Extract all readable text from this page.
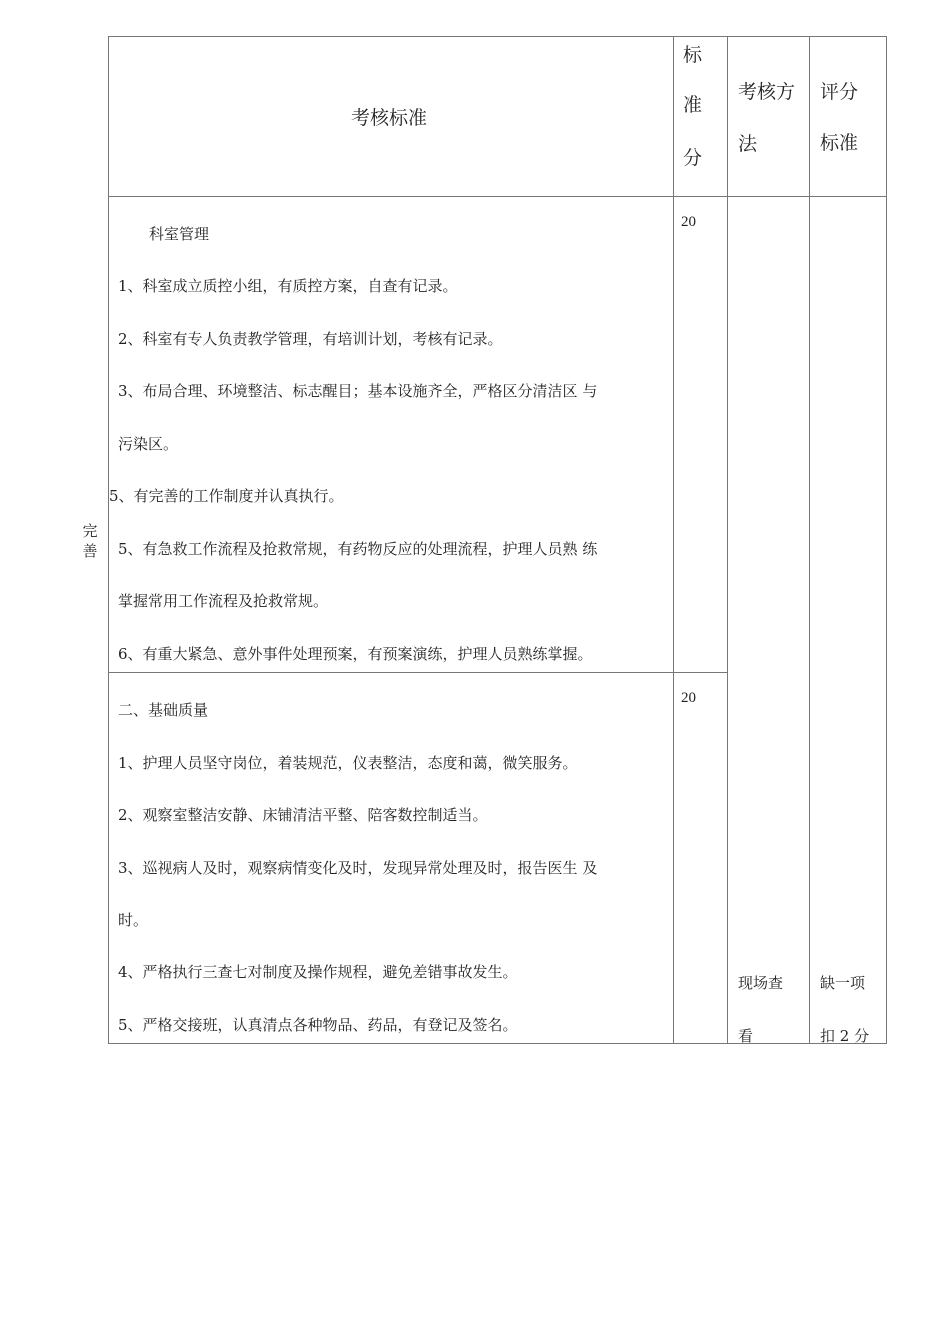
考核标准
标
准
分
考核方
法
评分
标准
完善
科室管理
1、科室成立质控小组，有质控方案，自查有记录。
2、科室有专人负责教学管理，有培训计划，考核有记录。
3、布局合理、环境整洁、标志醒目；基本设施齐全，严格区分清洁区 与
污染区。
5、有完善的工作制度并认真执行。
5、有急救工作流程及抢救常规，有药物反应的处理流程，护理人员熟 练
掌握常用工作流程及抢救常规。
6、有重大紧急、意外事件处理预案，有预案演练，护理人员熟练掌握。
20
二、基础质量
1、护理人员坚守岗位，着装规范，仪表整洁，态度和蔼，微笑服务。
2、观察室整洁安静、床铺清洁平整、陪客数控制适当。
3、巡视病人及时，观察病情变化及时，发现异常处理及时，报告医生 及
时。
4、严格执行三查七对制度及操作规程，避免差错事故发生。
5、严格交接班，认真清点各种物品、药品，有登记及签名。
20
现场查
看
缺一项
扣 2 分
